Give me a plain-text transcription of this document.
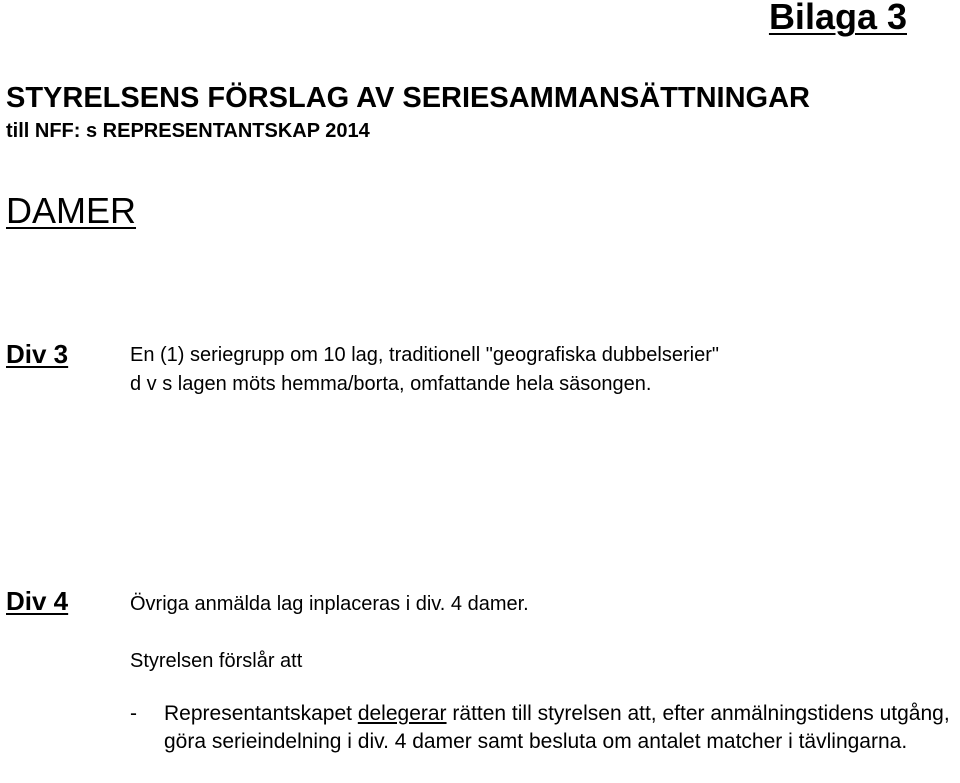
Bilaga 3
STYRELSENS FÖRSLAG AV SERIESAMMANSÄTTNINGAR
till NFF: s REPRESENTANTSKAP 2014
DAMER
Div 3	En (1) seriegrupp om 10 lag, traditionell "geografiska dubbelserier"
d v s lagen möts hemma/borta, omfattande hela säsongen.
Div 4	Övriga anmälda lag inplaceras i div. 4 damer.
Styrelsen förslår att
- Representantskapet delegerar rätten till styrelsen att, efter anmälningstidens utgång, göra serieindelning i div. 4 damer samt besluta om antalet matcher i tävlingarna.
